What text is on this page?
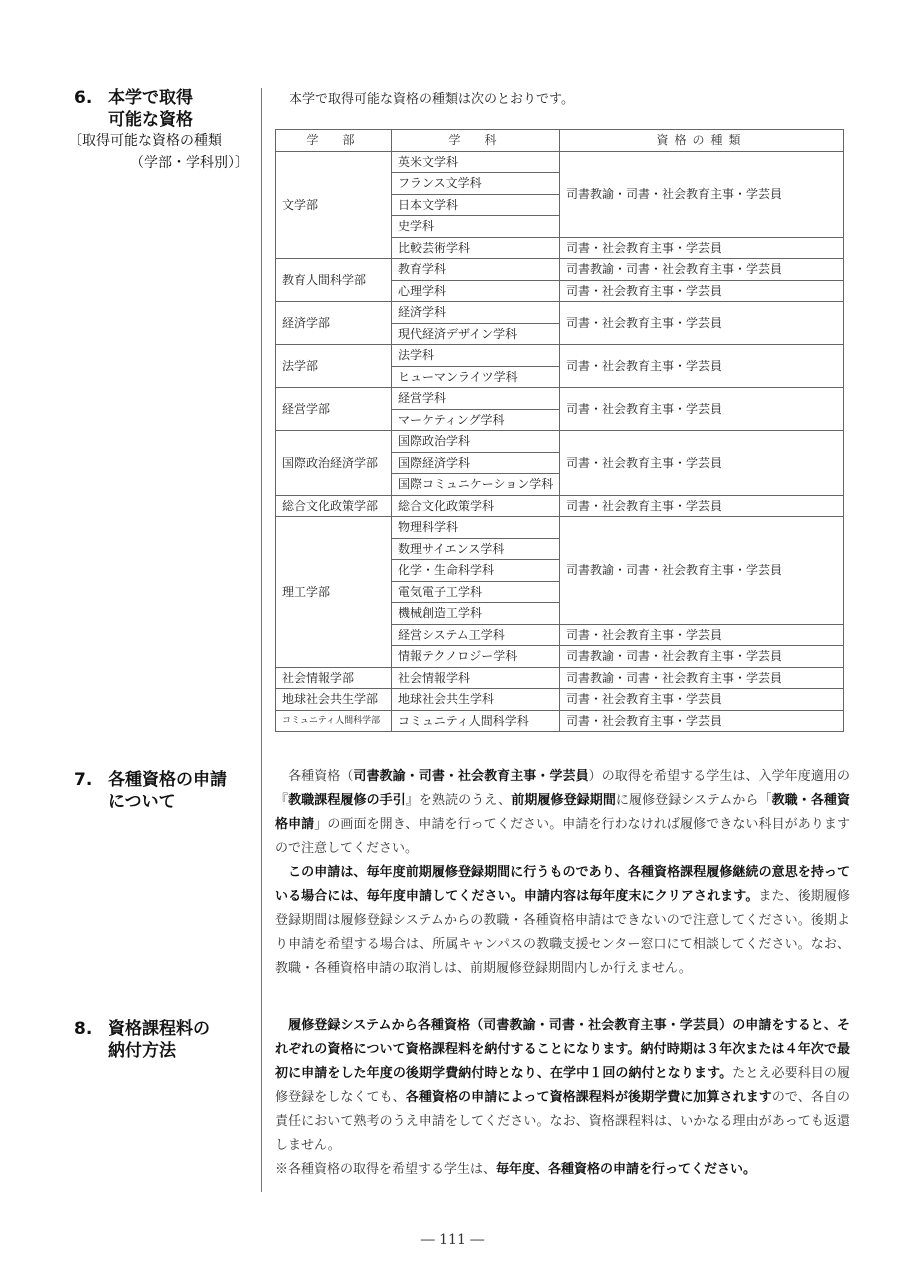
6. 本学で取得
可能な資格
〔取得可能な資格の種類
（学部・学科別）〕
本学で取得可能な資格の種類は次のとおりです。
学　部	学　科	資格の種類
文学部	英米文学科	司書教諭・司書・社会教育主事・学芸員
	フランス文学科	
	日本文学科	
	史学科	
	比較芸術学科	司書・社会教育主事・学芸員
教育人間科学部	教育学科	司書教諭・司書・社会教育主事・学芸員
	心理学科	司書・社会教育主事・学芸員
経済学部	経済学科	司書・社会教育主事・学芸員
	現代経済デザイン学科	
法学部	法学科	司書・社会教育主事・学芸員
	ヒューマンライツ学科	
経営学部	経営学科	司書・社会教育主事・学芸員
	マーケティング学科	
国際政治経済学部	国際政治学科	司書・社会教育主事・学芸員
	国際経済学科	
	国際コミュニケーション学科	
総合文化政策学部	総合文化政策学科	司書・社会教育主事・学芸員
理工学部	物理科学科	司書教諭・司書・社会教育主事・学芸員
	数理サイエンス学科	
	化学・生命科学科	
	電気電子工学科	
	機械創造工学科	
	経営システム工学科	司書・社会教育主事・学芸員
	情報テクノロジー学科	司書教諭・司書・社会教育主事・学芸員
社会情報学部	社会情報学科	司書教諭・司書・社会教育主事・学芸員
地球社会共生学部	地球社会共生学科	司書・社会教育主事・学芸員
コミュニティ人間科学部	コミュニティ人間科学科	司書・社会教育主事・学芸員
7. 各種資格の申請
について

　各種資格（司書教諭・司書・社会教育主事・学芸員）の取得を希望する学生は、入学年度適用の『教職課程履修の手引』を熟読のうえ、前期履修登録期間に履修登録システムから「教職・各種資格申請」の画面を開き、申請を行ってください。申請を行わなければ履修できない科目がありますので注意してください。

　この申請は、毎年度前期履修登録期間に行うものであり、各種資格課程履修継続の意思を持っている場合には、毎年度申請してください。申請内容は毎年度末にクリアされます。また、後期履修登録期間は履修登録システムからの教職・各種資格申請はできないので注意してください。後期より申請を希望する場合は、所属キャンパスの教職支援センター窓口にて相談してください。なお、教職・各種資格申請の取消しは、前期履修登録期間内しか行えません。

8. 資格課程料の
納付方法

　履修登録システムから各種資格（司書教諭・司書・社会教育主事・学芸員）の申請をすると、それぞれの資格について資格課程料を納付することになります。納付時期は３年次または４年次で最初に申請をした年度の後期学費納付時となり、在学中１回の納付となります。たとえ必要科目の履修登録をしなくても、各種資格の申請によって資格課程料が後期学費に加算されますので、各自の責任において熟考のうえ申請をしてください。なお、資格課程料は、いかなる理由があっても返還しません。

※各種資格の取得を希望する学生は、毎年度、各種資格の申請を行ってください。

― 111 ―
